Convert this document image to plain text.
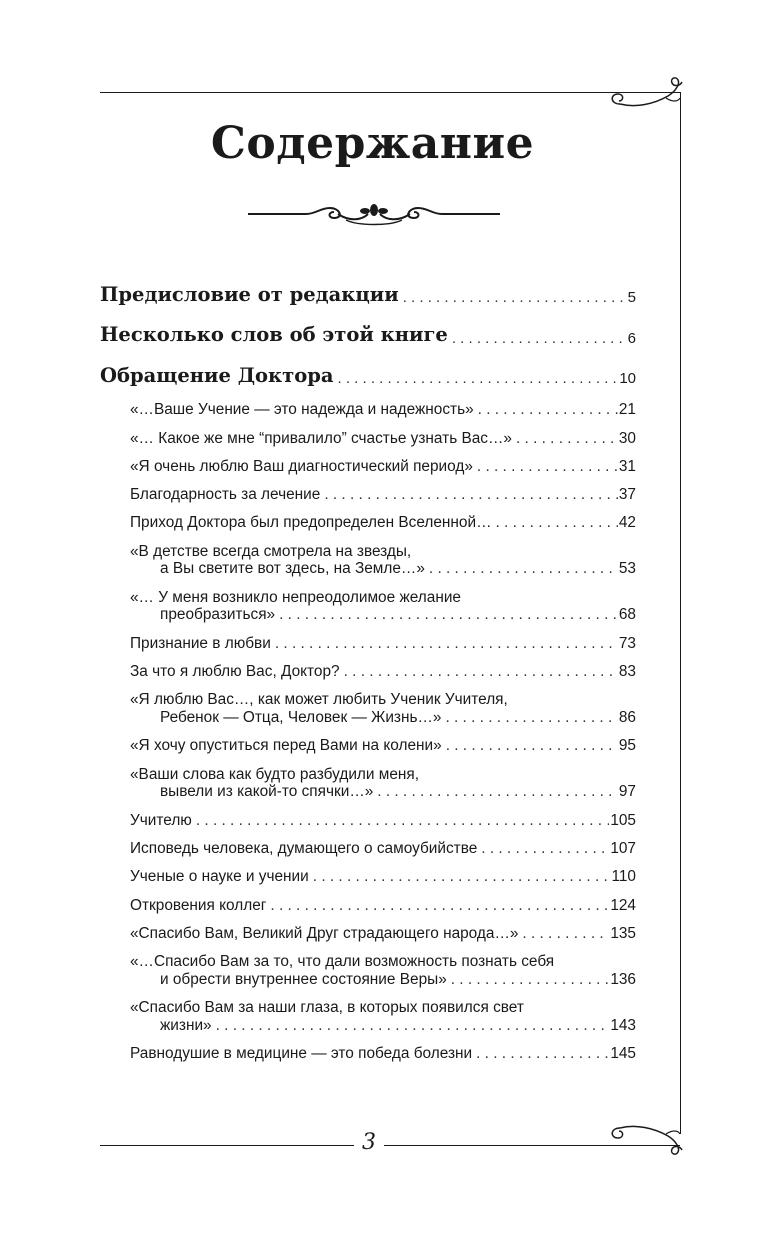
Содержание
Предисловие от редакции . . .	5
Несколько слов об этой книге . . .	6
Обращение Доктора . . .	10
«…Ваше Учение — это надежда и надежность» . . .	21
«… Какое же мне “привалило” счастье узнать Вас…» . . .	30
«Я очень люблю Ваш диагностический период» . . .	31
Благодарность за лечение . . .	37
Приход Доктора был предопределен Вселенной… . . .	42
«В детстве всегда смотрела на звезды,
а Вы светите вот здесь, на Земле…» . . .	53
«… У меня возникло непреодолимое желание
преобразиться» . . .	68
Признание в любви . . .	73
За что я люблю Вас, Доктор? . . .	83
«Я люблю Вас…, как может любить Ученик Учителя,
Ребенок — Отца, Человек — Жизнь…» . . .	86
«Я хочу опуститься перед Вами на колени» . . .	95
«Ваши слова как будто разбудили меня,
вывели из какой-то спячки…» . . .	97
Учителю . . .	105
Исповедь человека, думающего о самоубийстве . . .	107
Ученые о науке и учении . . .	110
Откровения коллег . . .	124
«Спасибо Вам, Великий Друг страдающего народа…» . . .	135
«…Спасибо Вам за то, что дали возможность познать себя
и обрести внутреннее состояние Веры» . . .	136
«Спасибо Вам за наши глаза, в которых появился свет
жизни» . . .	143
Равнодушие в медицине — это победа болезни . . .	145
3
